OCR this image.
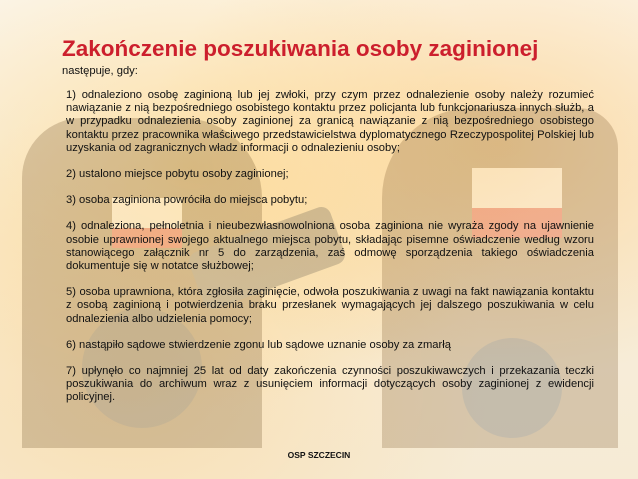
Zakończenie poszukiwania osoby zaginionej
następuje, gdy:

1) odnaleziono osobę zaginioną lub jej zwłoki, przy czym przez odnalezienie osoby należy rozumieć nawiązanie z nią bezpośredniego osobistego kontaktu przez policjanta lub funkcjonariusza innych służb, a w przypadku odnalezienia osoby zaginionej za granicą nawiązanie z nią bezpośredniego osobistego kontaktu przez pracownika właściwego przedstawicielstwa dyplomatycznego Rzeczypospolitej Polskiej lub uzyskania od zagranicznych władz informacji o odnalezieniu osoby;

2) ustalono miejsce pobytu osoby zaginionej;

3) osoba zaginiona powróciła do miejsca pobytu;

4) odnaleziona, pełnoletnia i nieubezwłasnowolniona osoba zaginiona nie wyraża zgody na ujawnienie osobie uprawnionej swojego aktualnego miejsca pobytu, składając pisemne oświadczenie według wzoru stanowiącego załącznik nr 5 do zarządzenia, zaś odmowę sporządzenia takiego oświadczenia dokumentuje się w notatce służbowej;

5) osoba uprawniona, która zgłosiła zaginięcie, odwoła poszukiwania z uwagi na fakt nawiązania kontaktu z osobą zaginioną i potwierdzenia braku przesłanek wymagających jej dalszego poszukiwania w celu odnalezienia albo udzielenia pomocy;

6) nastąpiło sądowe stwierdzenie zgonu lub sądowe uznanie osoby za zmarłą

7) upłynęło co najmniej 25 lat od daty zakończenia czynności poszukiwawczych i przekazania teczki poszukiwania do archiwum wraz z usunięciem informacji dotyczących osoby zaginionej z ewidencji policyjnej.

OSP SZCZECIN
